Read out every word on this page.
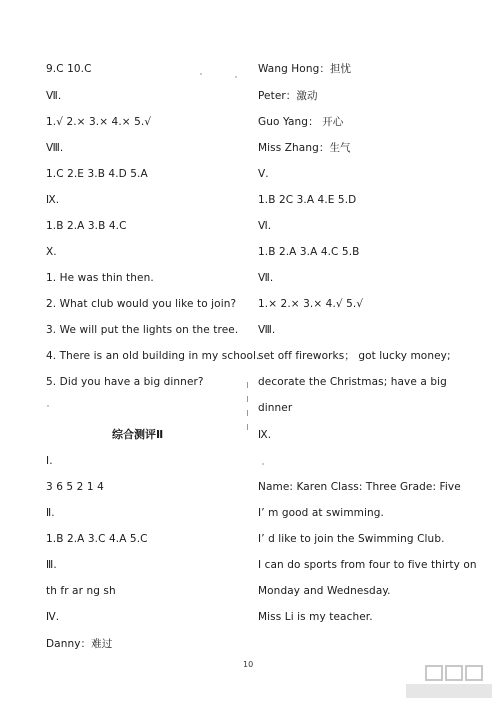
9.C 10.C
Ⅶ.
1.√ 2.× 3.× 4.× 5.√
Ⅷ.
1.C 2.E 3.B 4.D 5.A
Ⅸ.
1.B 2.A 3.B 4.C
Ⅹ.
1. He was thin then.
2. What club would you like to join?
3. We will put the lights on the tree.
4. There is an old building in my school.
5. Did you have a big dinner?
Ⅰ.
3 6 5 2 1 4
Ⅱ.
1.B 2.A 3.C 4.A 5.C
Ⅲ.
th fr ar ng sh
Ⅳ.
Danny：难过
综合测评Ⅱ
Wang Hong：担忧
Peter：激动
Guo Yang： 开心
Miss Zhang：生气
Ⅴ.
1.B 2C 3.A 4.E 5.D
Ⅵ.
1.B 2.A 3.A 4.C 5.B
Ⅶ.
1.× 2.× 3.× 4.√ 5.√
Ⅷ.
set off fireworks； got lucky money;
decorate the Christmas; have a big
dinner
Ⅸ.
Name: Karen Class: Three Grade: Five
I’ m good at swimming.
I’ d like to join the Swimming Club.
I can do sports from four to five thirty on
Monday and Wednesday.
Miss Li is my teacher.
10
